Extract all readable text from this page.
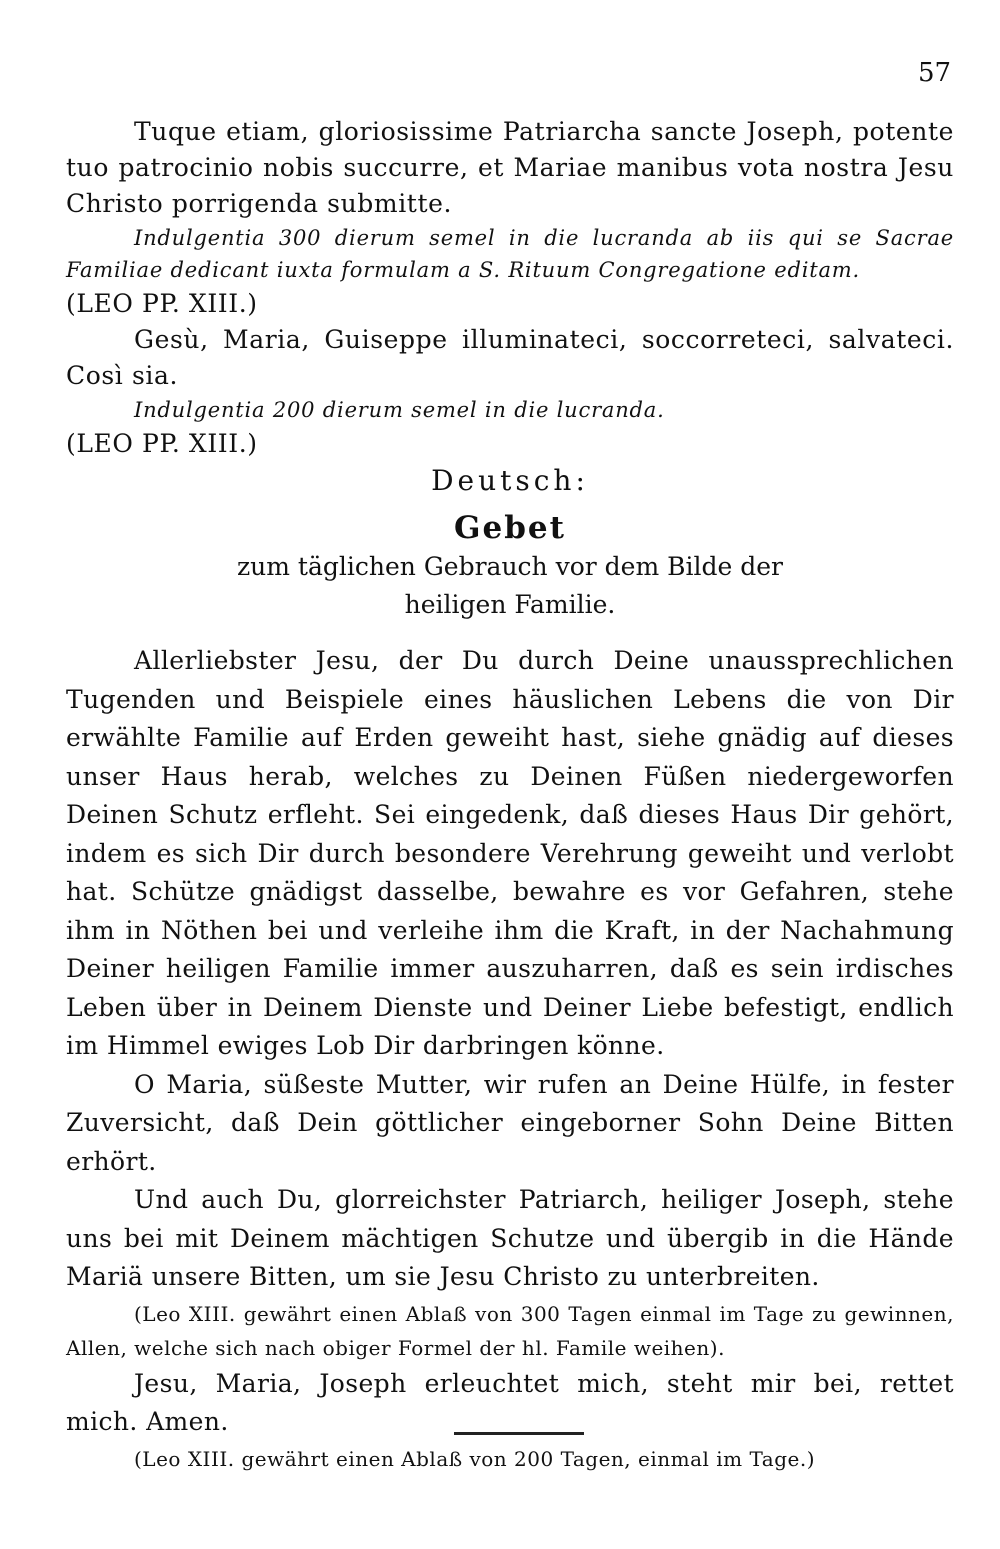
57

Tuque etiam, gloriosissime Patriarcha sancte Joseph, potente tuo patrocinio nobis succurre, et Mariae manibus vota nostra Jesu Christo porrigenda submitte.

Indulgentia 300 dierum semel in die lucranda ab iis qui se Sacrae Familiae dedicant iuxta formulam a S. Rituum Congregatione editam.

(LEO PP. XIII.)

Gesù, Maria, Guiseppe illuminateci, soccorreteci, salvateci. Così sia.

Indulgentia 200 dierum semel in die lucranda.

(LEO PP. XIII.)

Deutsch:
Gebet
zum täglichen Gebrauch vor dem Bilde der
heiligen Familie.

Allerliebster Jesu, der Du durch Deine unaussprechlichen Tugenden und Beispiele eines häuslichen Lebens die von Dir erwählte Familie auf Erden geweiht hast, siehe gnädig auf dieses unser Haus herab, welches zu Deinen Füßen niedergeworfen Deinen Schutz erfleht. Sei eingedenk, daß dieses Haus Dir gehört, indem es sich Dir durch besondere Verehrung geweiht und verlobt hat. Schütze gnädigst dasselbe, bewahre es vor Gefahren, stehe ihm in Nöthen bei und verleihe ihm die Kraft, in der Nachahmung Deiner heiligen Familie immer auszuharren, daß es sein irdisches Leben über in Deinem Dienste und Deiner Liebe befestigt, endlich im Himmel ewiges Lob Dir darbringen könne.

O Maria, süßeste Mutter, wir rufen an Deine Hülfe, in fester Zuversicht, daß Dein göttlicher eingeborner Sohn Deine Bitten erhört.

Und auch Du, glorreichster Patriarch, heiliger Joseph, stehe uns bei mit Deinem mächtigen Schutze und übergib in die Hände Mariä unsere Bitten, um sie Jesu Christo zu unterbreiten.

(Leo XIII. gewährt einen Ablaß von 300 Tagen einmal im Tage zu gewinnen, Allen, welche sich nach obiger Formel der hl. Famile weihen).

Jesu, Maria, Joseph erleuchtet mich, steht mir bei, rettet mich. Amen.

(Leo XIII. gewährt einen Ablaß von 200 Tagen, einmal im Tage.)
